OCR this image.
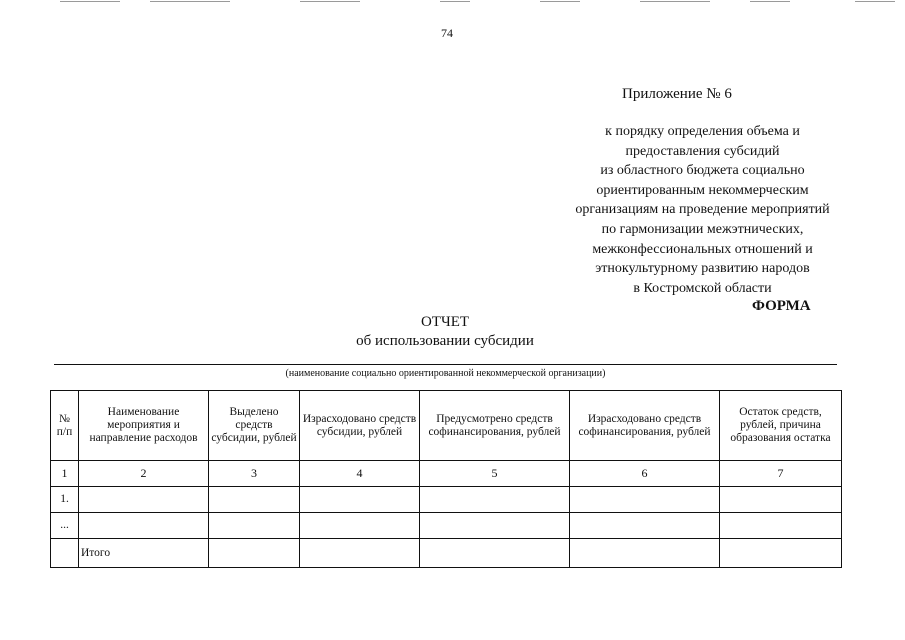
74
Приложение № 6
к порядку определения объема и
предоставления субсидий
из областного бюджета социально
ориентированным некоммерческим
организациям на проведение мероприятий
по гармонизации межэтнических,
межконфессиональных отношений и
этнокультурному развитию народов
в Костромской области
ФОРМА
ОТЧЕТ
об использовании субсидии
(наименование социально ориентированной некоммерческой организации)
№ п/п	Наименование мероприятия и направление расходов	Выделено средств субсидии, рублей	Израсходовано средств субсидии, рублей	Предусмотрено средств софинансирования, рублей	Израсходовано средств софинансирования, рублей	Остаток средств, рублей, причина образования остатка
1	2	3	4	5	6	7
1.						
...						
	Итого					
